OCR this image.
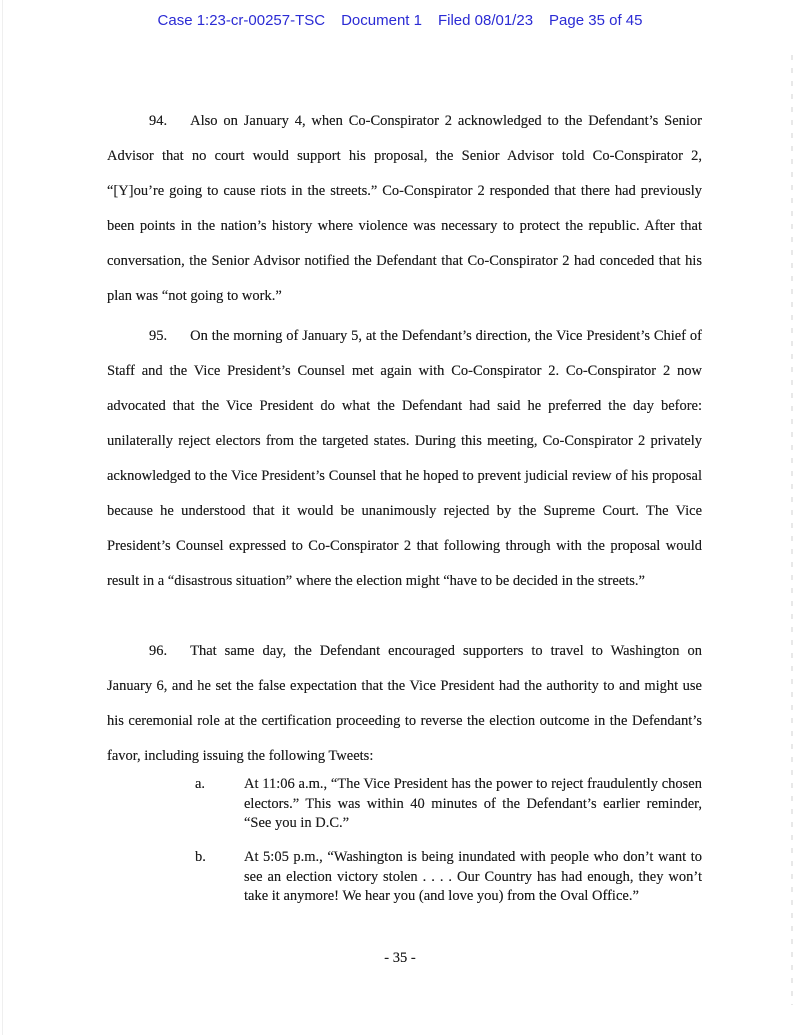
Case 1:23-cr-00257-TSC Document 1 Filed 08/01/23 Page 35 of 45

94. Also on January 4, when Co-Conspirator 2 acknowledged to the Defendant’s Senior Advisor that no court would support his proposal, the Senior Advisor told Co-Conspirator 2, “[Y]ou’re going to cause riots in the streets.” Co-Conspirator 2 responded that there had previously been points in the nation’s history where violence was necessary to protect the republic. After that conversation, the Senior Advisor notified the Defendant that Co-Conspirator 2 had conceded that his plan was “not going to work.”

95. On the morning of January 5, at the Defendant’s direction, the Vice President’s Chief of Staff and the Vice President’s Counsel met again with Co-Conspirator 2. Co-Conspirator 2 now advocated that the Vice President do what the Defendant had said he preferred the day before: unilaterally reject electors from the targeted states. During this meeting, Co-Conspirator 2 privately acknowledged to the Vice President’s Counsel that he hoped to prevent judicial review of his proposal because he understood that it would be unanimously rejected by the Supreme Court. The Vice President’s Counsel expressed to Co-Conspirator 2 that following through with the proposal would result in a “disastrous situation” where the election might “have to be decided in the streets.”

96. That same day, the Defendant encouraged supporters to travel to Washington on January 6, and he set the false expectation that the Vice President had the authority to and might use his ceremonial role at the certification proceeding to reverse the election outcome in the Defendant’s favor, including issuing the following Tweets:

a.	At 11:06 a.m., “The Vice President has the power to reject fraudulently chosen electors.” This was within 40 minutes of the Defendant’s earlier reminder, “See you in D.C.”
b.	At 5:05 p.m., “Washington is being inundated with people who don’t want to see an election victory stolen . . . . Our Country has had enough, they won’t take it anymore! We hear you (and love you) from the Oval Office.”
- 35 -
